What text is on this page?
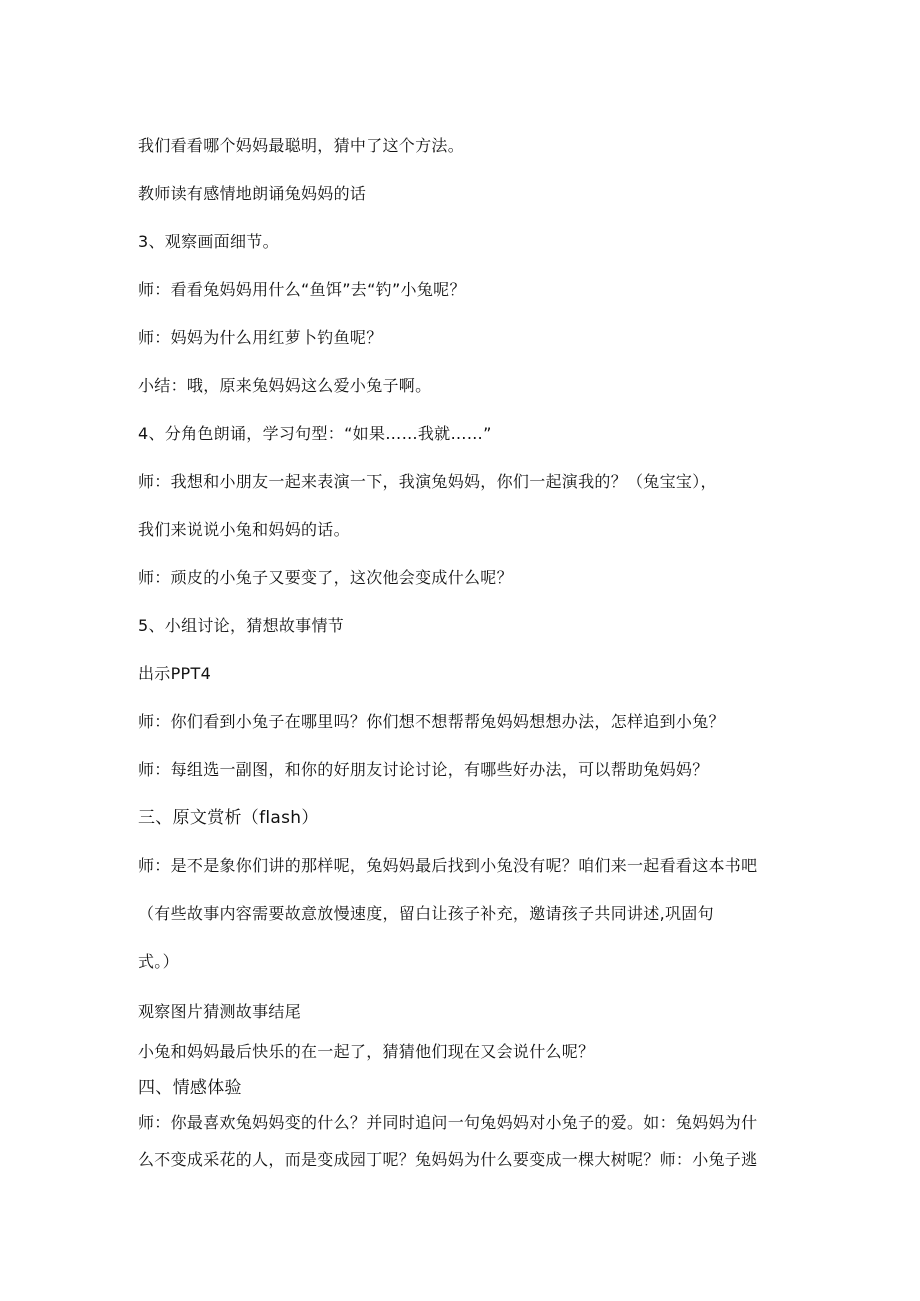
我们看看哪个妈妈最聪明，猜中了这个方法。
教师读有感情地朗诵兔妈妈的话
3、观察画面细节。
师：看看兔妈妈用什么“鱼饵”去“钓”小兔呢？
师：妈妈为什么用红萝卜钓鱼呢？
小结：哦，原来兔妈妈这么爱小兔子啊。
4、分角色朗诵，学习句型：“如果……我就……”
师：我想和小朋友一起来表演一下，我演兔妈妈，你们一起演我的？（兔宝宝），
我们来说说小兔和妈妈的话。
师：顽皮的小兔子又要变了，这次他会变成什么呢？
5、小组讨论，猜想故事情节
出示PPT4
师：你们看到小兔子在哪里吗？你们想不想帮帮兔妈妈想想办法，怎样追到小兔？
师：每组选一副图，和你的好朋友讨论讨论，有哪些好办法，可以帮助兔妈妈？
三、原文赏析（flash）
师：是不是象你们讲的那样呢，兔妈妈最后找到小兔没有呢？咱们来一起看看这本书吧
（有些故事内容需要故意放慢速度，留白让孩子补充，邀请孩子共同讲述,巩固句
式。）
观察图片猜测故事结尾
小兔和妈妈最后快乐的在一起了，猜猜他们现在又会说什么呢？
四、情感体验
师：你最喜欢兔妈妈变的什么？并同时追问一句兔妈妈对小兔子的爱。如：兔妈妈为什
么不变成采花的人，而是变成园丁呢？兔妈妈为什么要变成一棵大树呢？师：小兔子逃
